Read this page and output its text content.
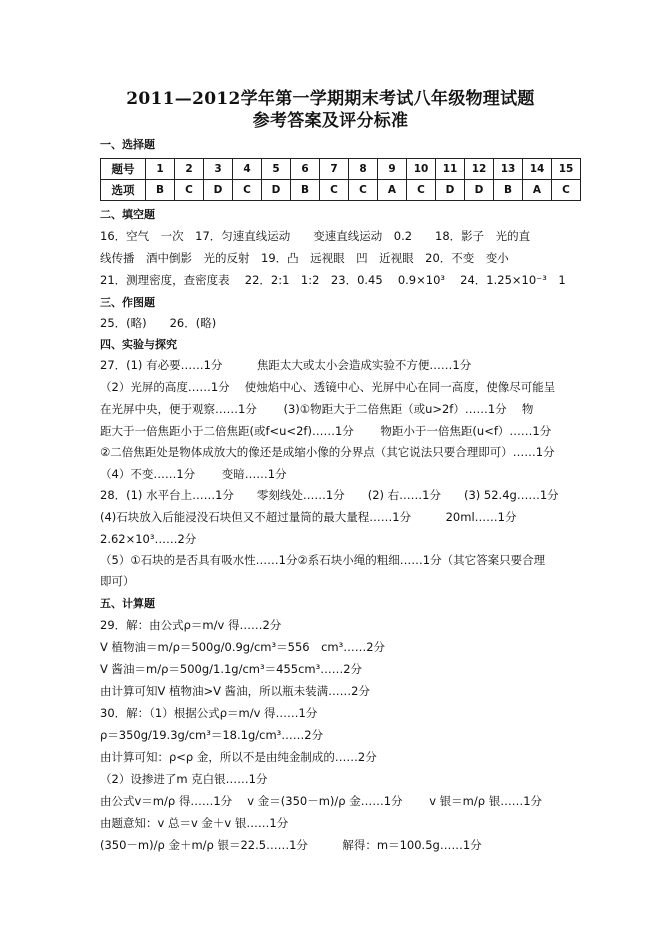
2011—2012学年第一学期期末考试八年级物理试题
参考答案及评分标准
一、选择题
题号	1	2	3	4	5	6	7	8	9	10	11	12	13	14	15
选项	B	C	D	C	D	B	C	C	A	C	D	D	B	A	C
二、填空题
16．空气　一次　17．匀速直线运动　　变速直线运动　0.2　　18．影子　光的直
线传播　酒中倒影　光的反射　19．凸　远视眼　凹　近视眼　20．不变　变小
21．测理密度，查密度表　 22．2:1　1:2　23．0.45　 0.9×10³　 24．1.25×10⁻³　1
三、作图题
25．(略)　　26．(略)
四、实验与探究
27．(1) 有必要……1分　　　焦距太大或太小会造成实验不方便……1分
（2）光屏的高度……1分　 使烛焰中心、透镜中心、光屏中心在同一高度，使像尽可能呈
在光屏中央，便于观察……1分　　 (3)①物距大于二倍焦距（或u>2f）……1分　 物
距大于一倍焦距小于二倍焦距(或f<u<2f)……1分　　 物距小于一倍焦距(u<f）……1分
②二倍焦距处是物体成放大的像还是成缩小像的分界点（其它说法只要合理即可）……1分
（4）不变……1分　　 变暗……1分
28．(1) 水平台上……1分　　零刻线处……1分　　(2) 右……1分　　(3) 52.4g……1分
(4)石块放入后能浸没石块但又不超过量筒的最大量程……1分　　　20ml……1分
2.62×10³……2分
（5）①石块的是否具有吸水性……1分②系石块小绳的粗细……1分（其它答案只要合理
即可）
五、计算题
29．解：由公式ρ＝m/v 得……2分
V 植物油＝m/ρ＝500g/0.9g/cm³＝556　cm³……2分
V 酱油＝m/ρ＝500g/1.1g/cm³＝455cm³……2分
由计算可知V 植物油>V 酱油，所以瓶未装满……2分
30．解：（1）根据公式ρ＝m/v 得……1分
ρ＝350g/19.3g/cm³＝18.1g/cm³……2分
由计算可知：ρ<ρ 金，所以不是由纯金制成的……2分
（2）设掺进了m 克白银……1分
由公式v＝m/ρ 得……1分　 v 金＝(350－m)/ρ 金……1分　　 v 银＝m/ρ 银……1分
由题意知：v 总＝v 金＋v 银……1分
(350－m)/ρ 金＋m/ρ 银＝22.5……1分　　　解得：m＝100.5g……1分
